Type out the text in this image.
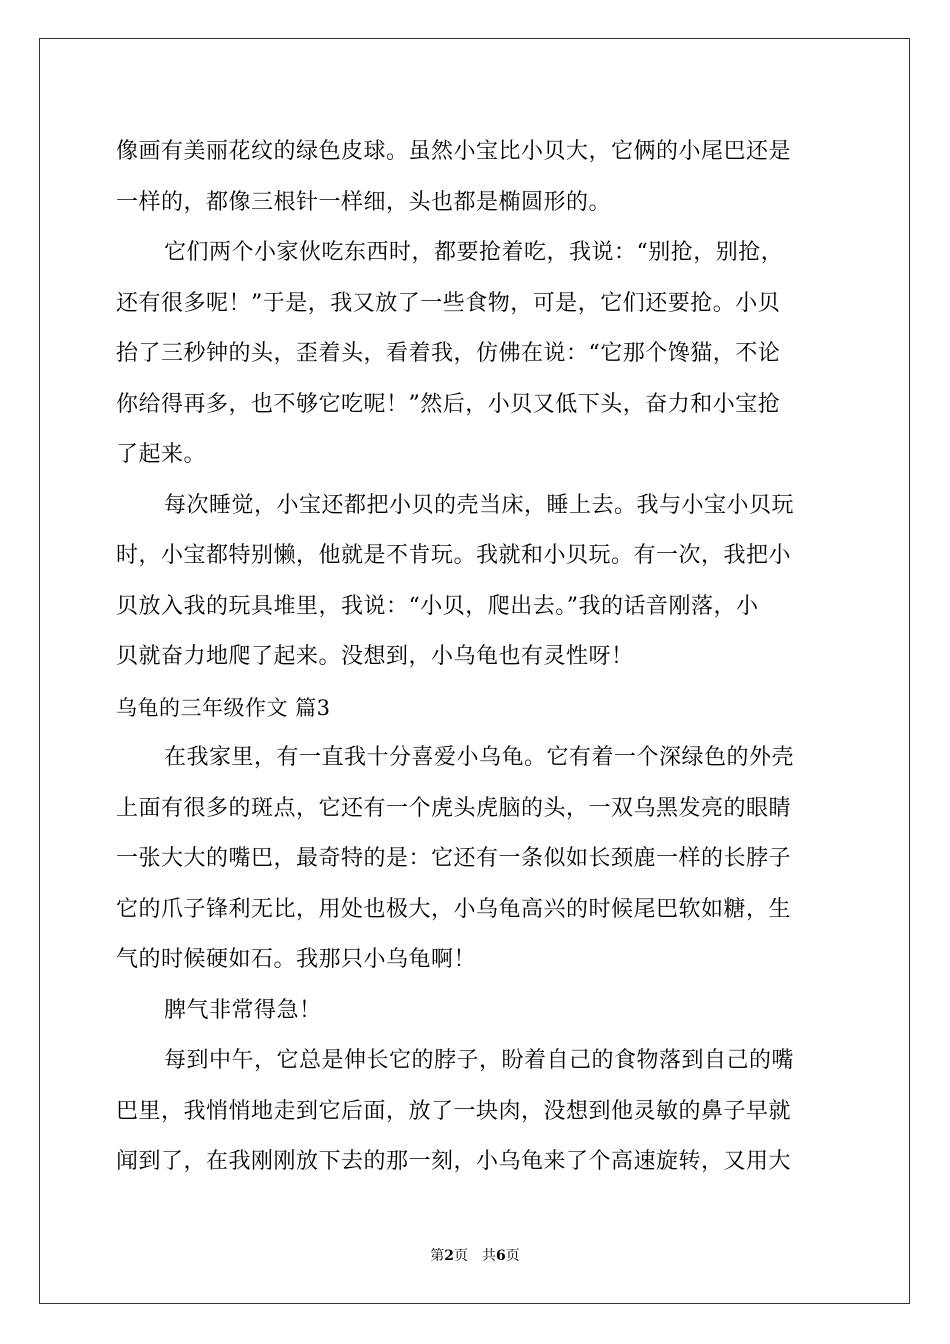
像画有美丽花纹的绿色皮球。虽然小宝比小贝大，它俩的小尾巴还是
一样的，都像三根针一样细，头也都是椭圆形的。
它们两个小家伙吃东西时，都要抢着吃，我说：“别抢，别抢，
还有很多呢！”于是，我又放了一些食物，可是，它们还要抢。小贝
抬了三秒钟的头，歪着头，看着我，仿佛在说：“它那个馋猫，不论
你给得再多，也不够它吃呢！”然后，小贝又低下头，奋力和小宝抢
了起来。
每次睡觉，小宝还都把小贝的壳当床，睡上去。我与小宝小贝玩
时，小宝都特别懒，他就是不肯玩。我就和小贝玩。有一次，我把小
贝放入我的玩具堆里，我说：“小贝，爬出去。”我的话音刚落，小
贝就奋力地爬了起来。没想到，小乌龟也有灵性呀！
乌龟的三年级作文 篇3
在我家里，有一直我十分喜爱小乌龟。它有着一个深绿色的外壳
上面有很多的斑点，它还有一个虎头虎脑的头，一双乌黑发亮的眼睛
一张大大的嘴巴，最奇特的是：它还有一条似如长颈鹿一样的长脖子
它的爪子锋利无比，用处也极大，小乌龟高兴的时候尾巴软如糖，生
气的时候硬如石。我那只小乌龟啊！
脾气非常得急！
每到中午，它总是伸长它的脖子，盼着自己的食物落到自己的嘴
巴里，我悄悄地走到它后面，放了一块肉，没想到他灵敏的鼻子早就
闻到了，在我刚刚放下去的那一刻，小乌龟来了个高速旋转，又用大
第2页 共6页
